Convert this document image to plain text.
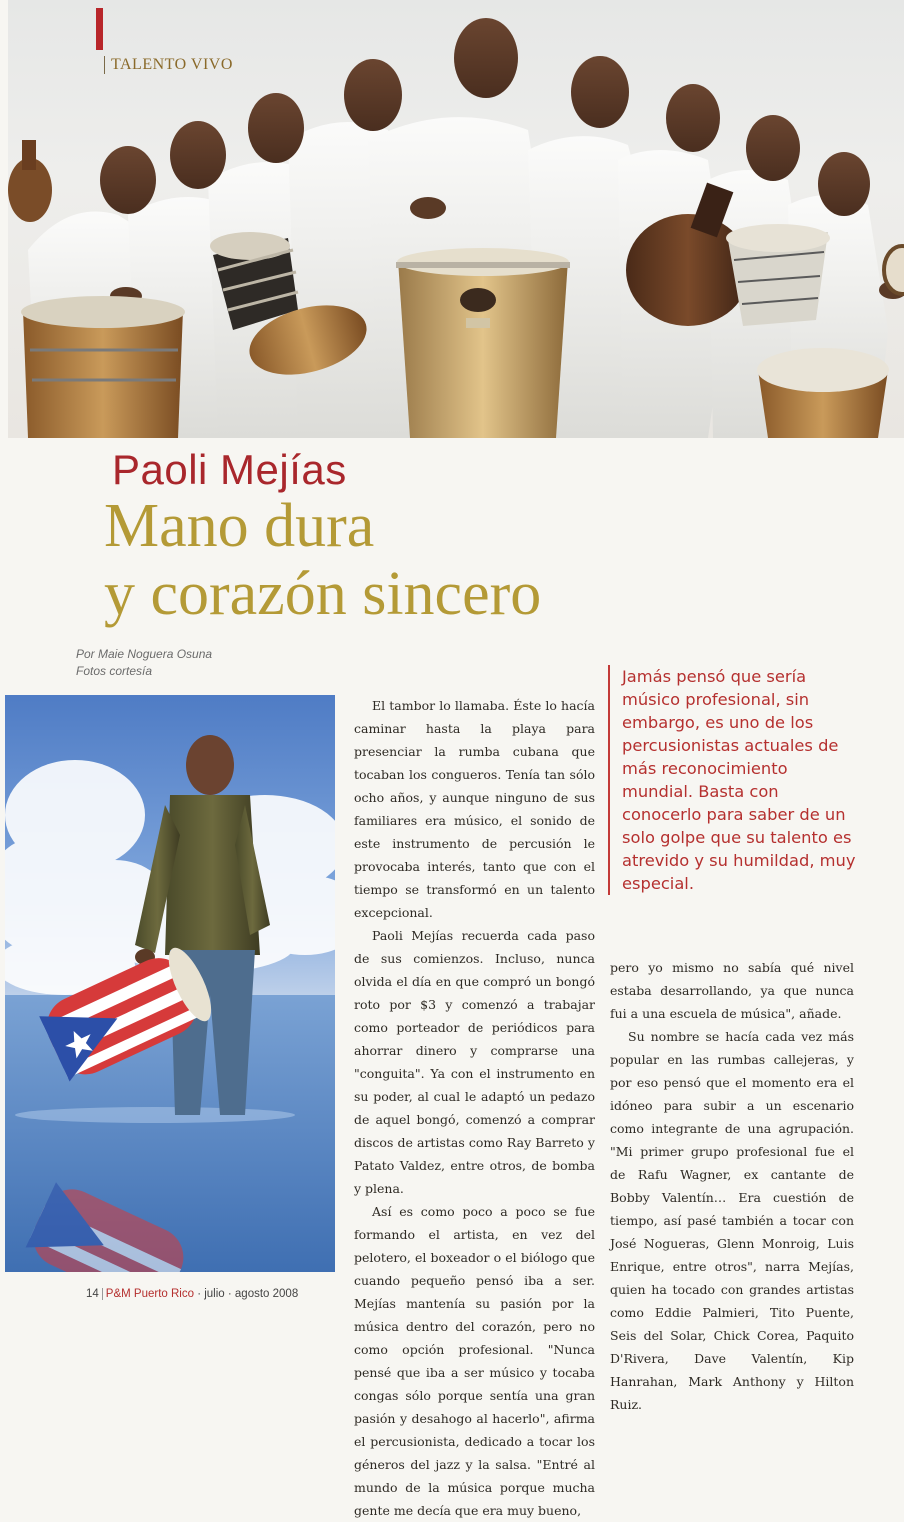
TALENTO VIVO
Paoli Mejías
Mano dura
y corazón sincero
Por Maie Noguera Osuna
Fotos cortesía

El tambor lo llamaba. Éste lo hacía caminar hasta la playa para presenciar la rumba cubana que tocaban los congueros. Tenía tan sólo ocho años, y aunque ninguno de sus familiares era músico, el sonido de este instrumento de percusión le provocaba interés, tanto que con el tiempo se transformó en un talento excepcional.

Paoli Mejías recuerda cada paso de sus comienzos. Incluso, nunca olvida el día en que compró un bongó roto por $3 y comenzó a trabajar como porteador de periódicos para ahorrar dinero y comprarse una "conguita". Ya con el instrumento en su poder, al cual le adaptó un pedazo de aquel bongó, comenzó a comprar discos de artistas como Ray Barreto y Patato Valdez, entre otros, de bomba y plena.

Así es como poco a poco se fue formando el artista, en vez del pelotero, el boxeador o el biólogo que cuando pequeño pensó iba a ser. Mejías mantenía su pasión por la música dentro del corazón, pero no como opción profesional. "Nunca pensé que iba a ser músico y tocaba congas sólo porque sentía una gran pasión y desahogo al hacerlo", afirma el percusionista, dedicado a tocar los géneros del jazz y la salsa. "Entré al mundo de la música porque mucha gente me decía que era muy bueno,

Jamás pensó que sería músico profesional, sin embargo, es uno de los percusionistas actuales de más reconocimiento mundial. Basta con conocerlo para saber de un solo golpe que su talento es atrevido y su humildad, muy especial.

pero yo mismo no sabía qué nivel estaba desarrollando, ya que nunca fui a una escuela de música", añade.

Su nombre se hacía cada vez más popular en las rumbas callejeras, y por eso pensó que el momento era el idóneo para subir a un escenario como integrante de una agrupación. "Mi primer grupo profesional fue el de Rafu Wagner, ex cantante de Bobby Valentín… Era cuestión de tiempo, así pasé también a tocar con José Nogueras, Glenn Monroig, Luis Enrique, entre otros", narra Mejías, quien ha tocado con grandes artistas como Eddie Palmieri, Tito Puente, Seis del Solar, Chick Corea, Paquito D'Rivera, Dave Valentín, Kip Hanrahan, Mark Anthony y Hilton Ruiz.

14 P&M Puerto Rico · julio · agosto 2008
